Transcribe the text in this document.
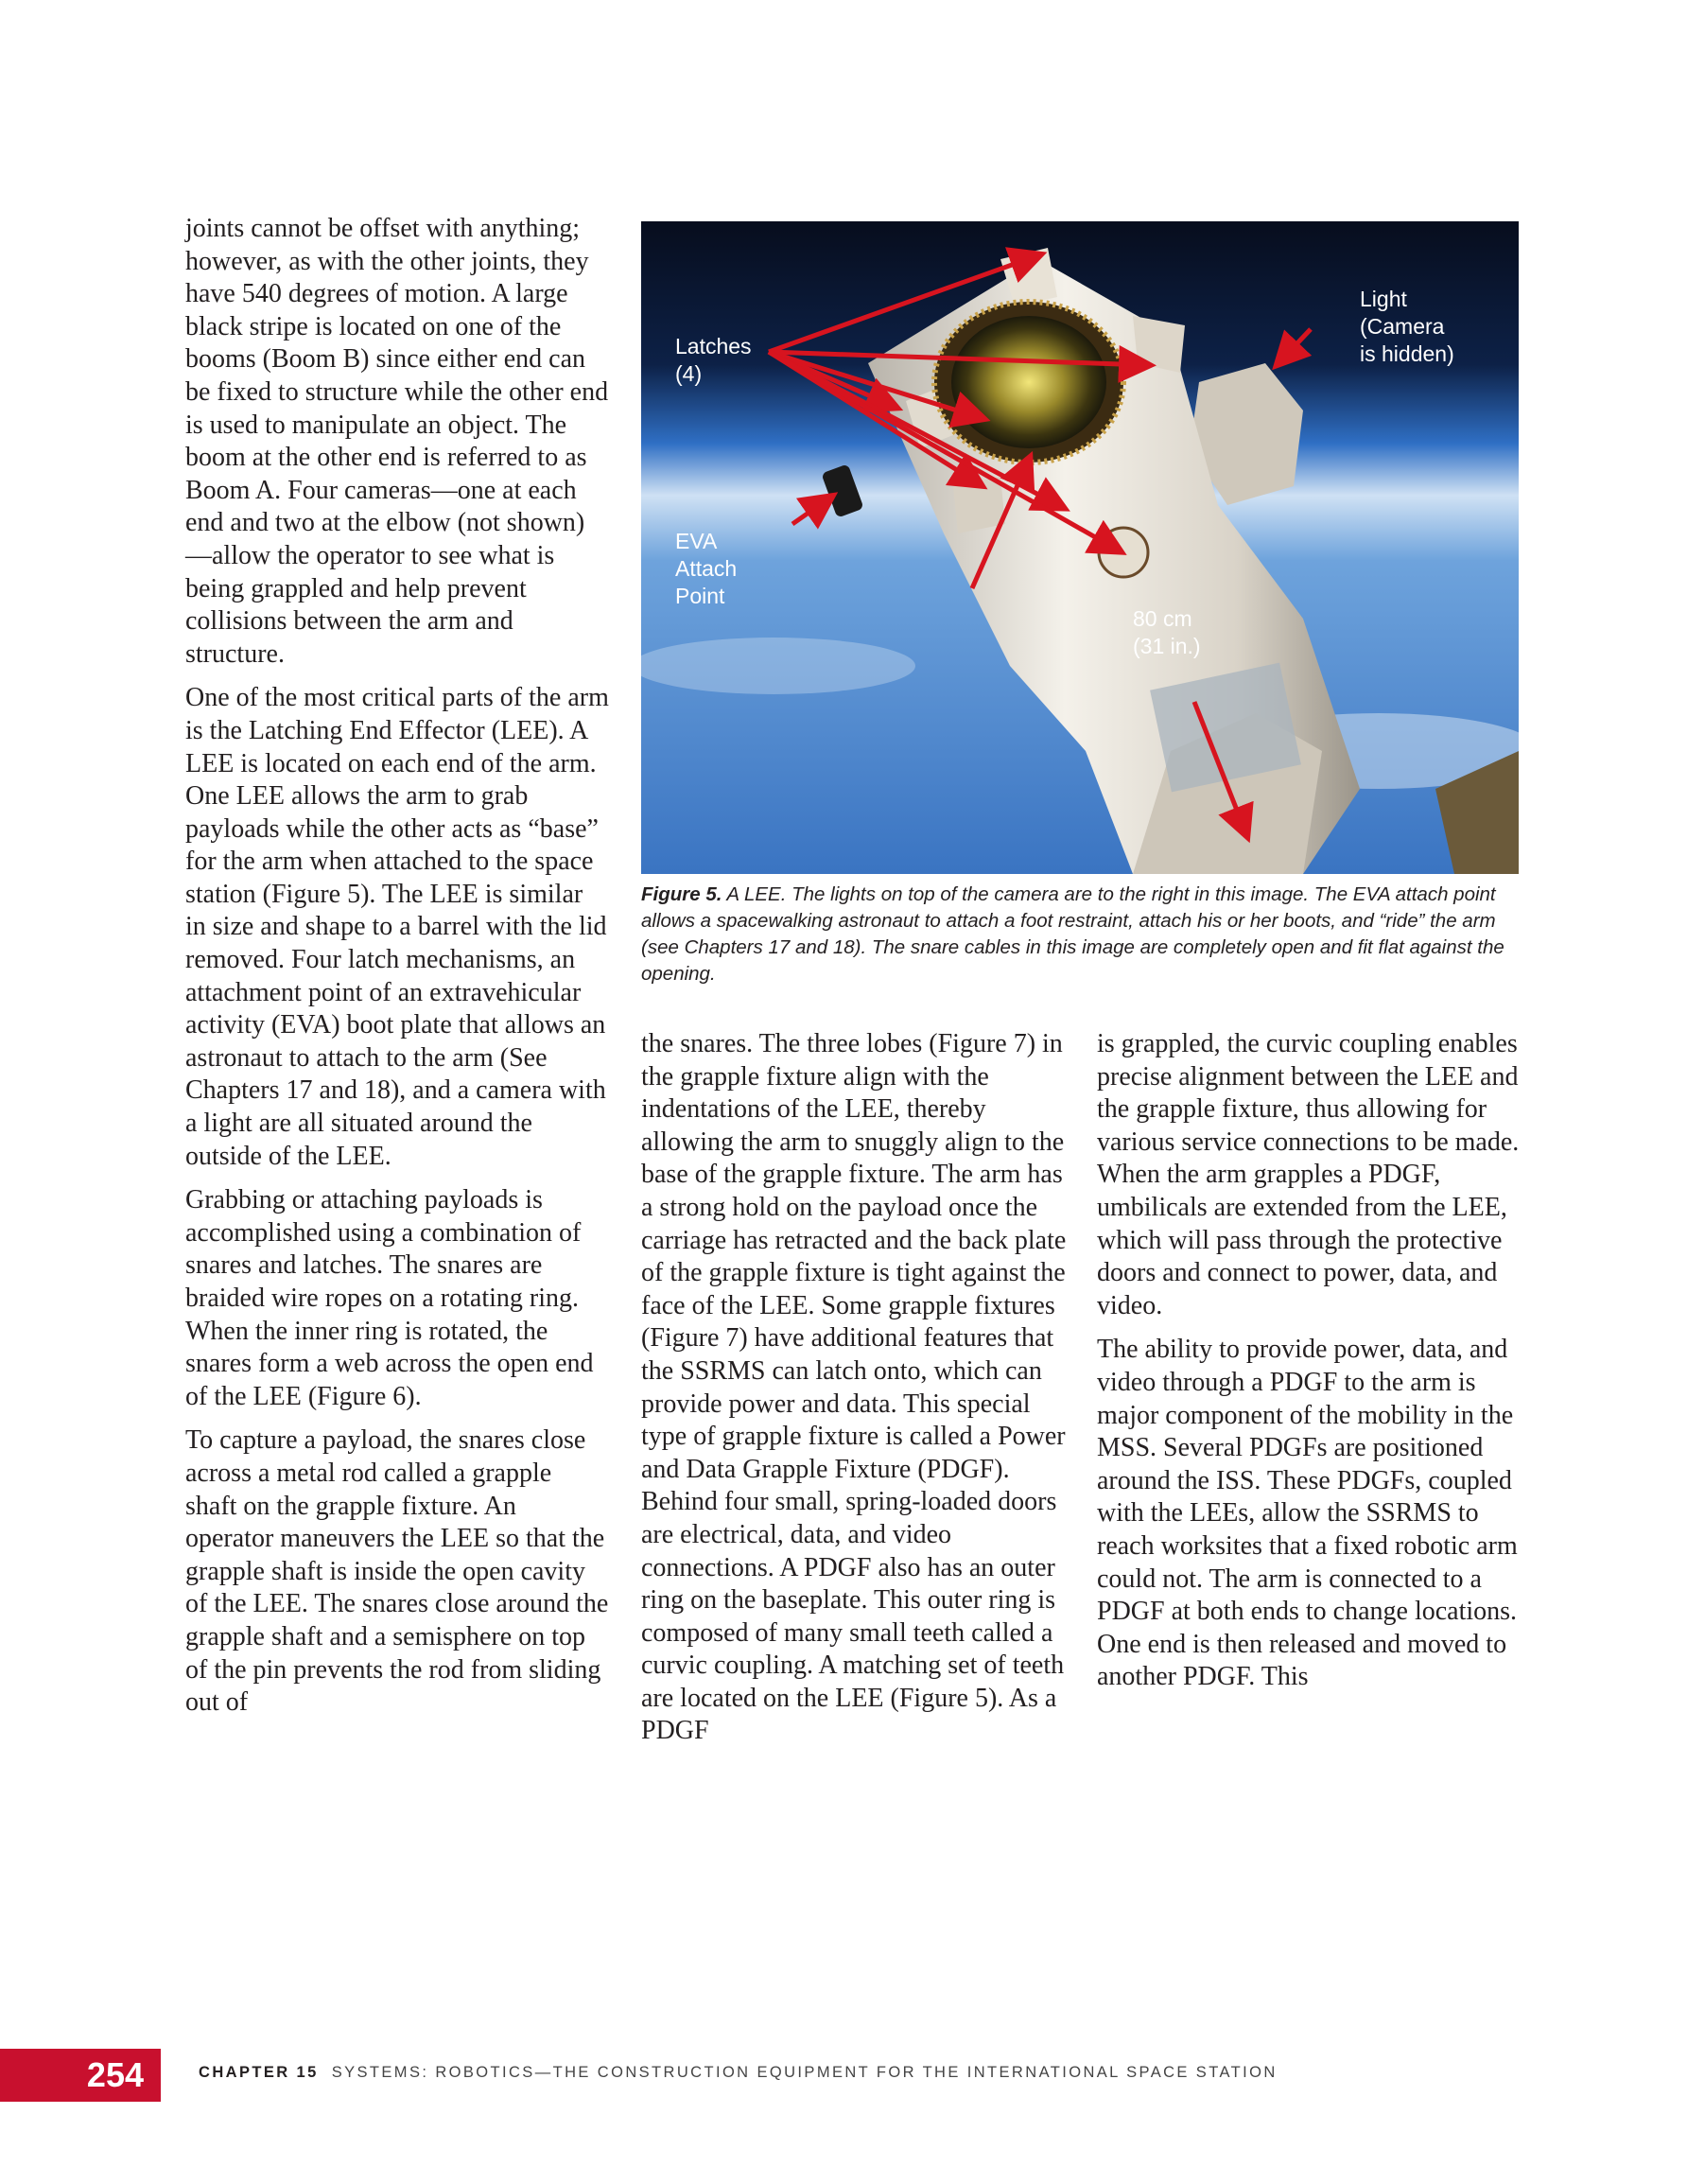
joints cannot be offset with anything; however, as with the other joints, they have 540 degrees of motion. A large black stripe is located on one of the booms (Boom B) since either end can be fixed to structure while the other end is used to manipulate an object. The boom at the other end is referred to as Boom A. Four cameras—one at each end and two at the elbow (not shown)—allow the operator to see what is being grappled and help prevent collisions between the arm and structure.

One of the most critical parts of the arm is the Latching End Effector (LEE). A LEE is located on each end of the arm. One LEE allows the arm to grab payloads while the other acts as “base” for the arm when attached to the space station (Figure 5). The LEE is similar in size and shape to a barrel with the lid removed. Four latch mechanisms, an attachment point of an extravehicular activity (EVA) boot plate that allows an astronaut to attach to the arm (See Chapters 17 and 18), and a camera with a light are all situated around the outside of the LEE.

Grabbing or attaching payloads is accomplished using a combination of snares and latches. The snares are braided wire ropes on a rotating ring. When the inner ring is rotated, the snares form a web across the open end of the LEE (Figure 6).

To capture a payload, the snares close across a metal rod called a grapple shaft on the grapple fixture. An operator maneuvers the LEE so that the grapple shaft is inside the open cavity of the LEE. The snares close around the grapple shaft and a semisphere on top of the pin prevents the rod from sliding out of

Latches
(4)
Light
(Camera
is hidden)
EVA
Attach
Point
80 cm
(31 in.)
Figure 5. A LEE. The lights on top of the camera are to the right in this image. The EVA attach point allows a spacewalking astronaut to attach a foot restraint, attach his or her boots, and “ride” the arm (see Chapters 17 and 18). The snare cables in this image are completely open and fit flat against the opening.

the snares. The three lobes (Figure 7) in the grapple fixture align with the indentations of the LEE, thereby allowing the arm to snuggly align to the base of the grapple fixture. The arm has a strong hold on the payload once the carriage has retracted and the back plate of the grapple fixture is tight against the face of the LEE. Some grapple fixtures (Figure 7) have additional features that the SSRMS can latch onto, which can provide power and data. This special type of grapple fixture is called a Power and Data Grapple Fixture (PDGF). Behind four small, spring-loaded doors are electrical, data, and video connections. A PDGF also has an outer ring on the baseplate. This outer ring is composed of many small teeth called a curvic coupling. A matching set of teeth are located on the LEE (Figure 5). As a PDGF

is grappled, the curvic coupling enables precise alignment between the LEE and the grapple fixture, thus allowing for various service connections to be made. When the arm grapples a PDGF, umbilicals are extended from the LEE, which will pass through the protective doors and connect to power, data, and video.

The ability to provide power, data, and video through a PDGF to the arm is major component of the mobility in the MSS. Several PDGFs are positioned around the ISS. These PDGFs, coupled with the LEEs, allow the SSRMS to reach worksites that a fixed robotic arm could not. The arm is connected to a PDGF at both ends to change locations. One end is then released and moved to another PDGF. This

254	CHAPTER 15 SYSTEMS: ROBOTICS—THE CONSTRUCTION EQUIPMENT FOR THE INTERNATIONAL SPACE STATION
